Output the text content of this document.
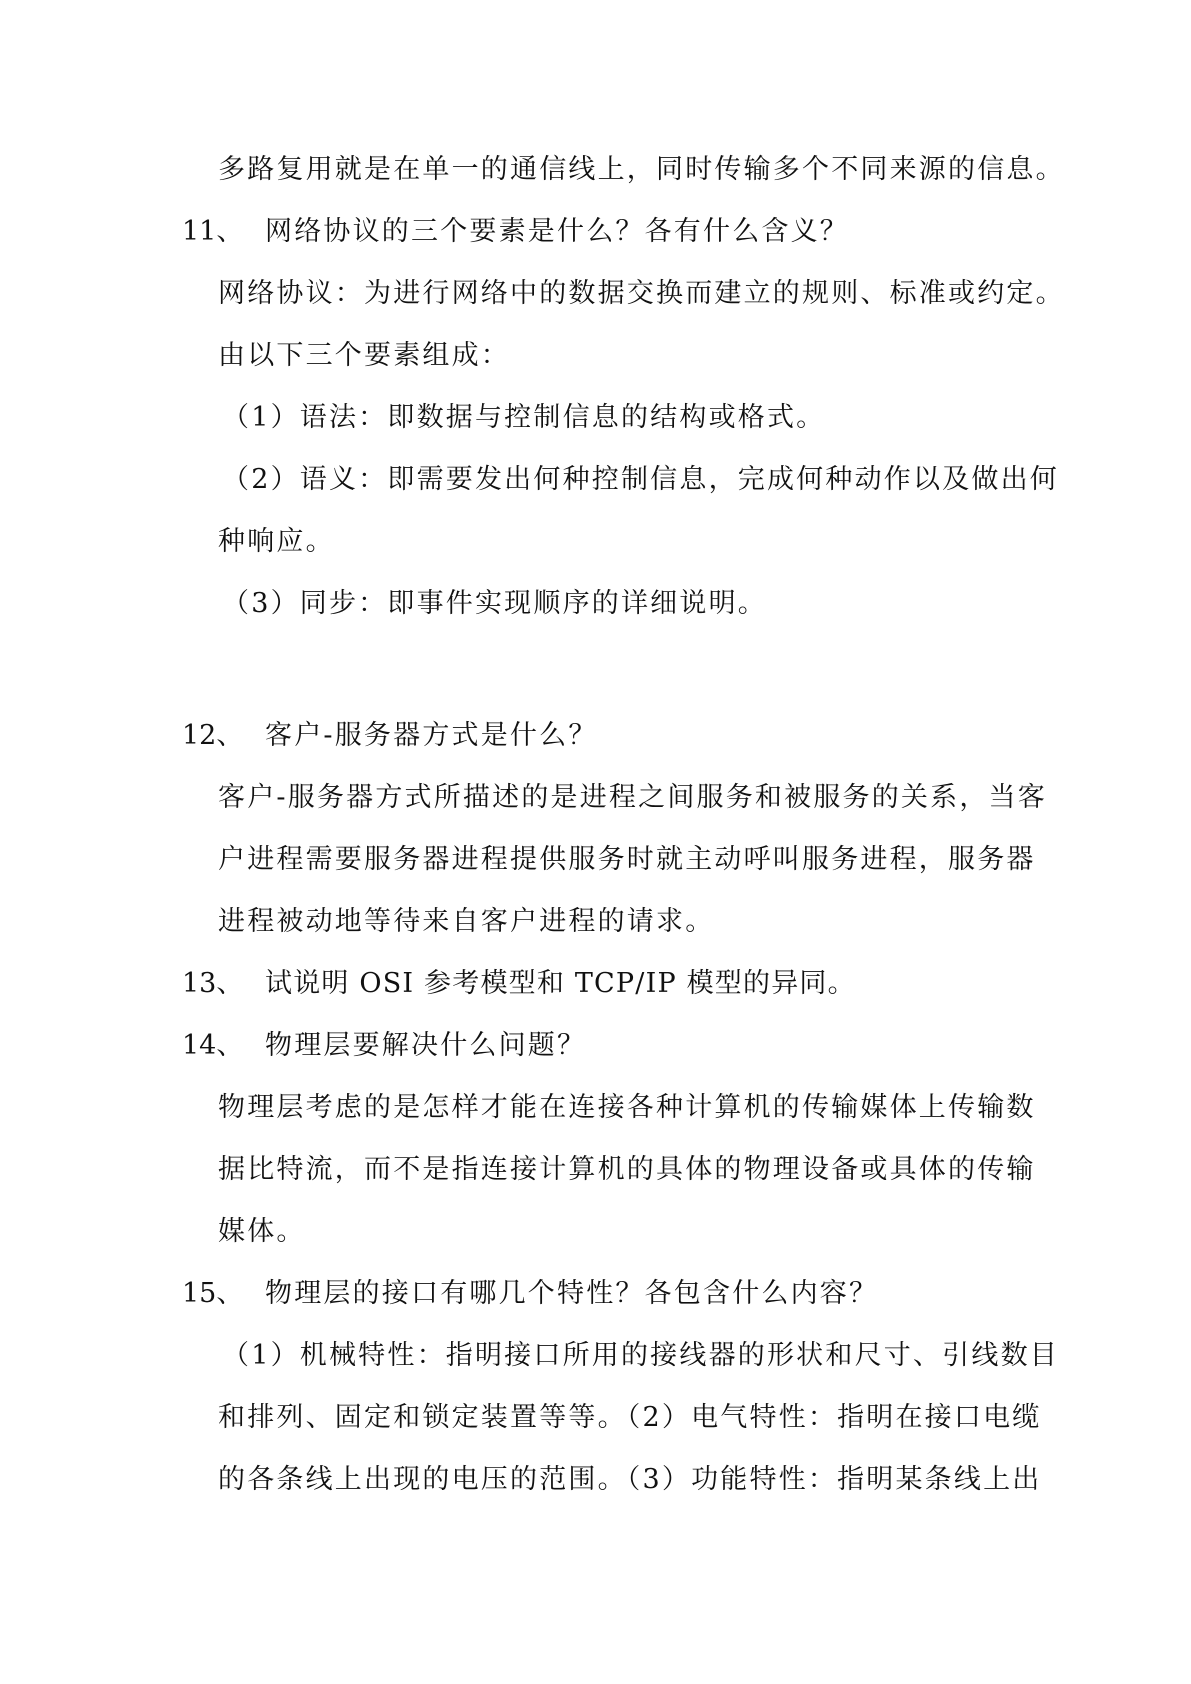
多路复用就是在单一的通信线上，同时传输多个不同来源的信息。
11、 网络协议的三个要素是什么？各有什么含义？
网络协议：为进行网络中的数据交换而建立的规则、标准或约定。
由以下三个要素组成：
（1）语法：即数据与控制信息的结构或格式。
（2）语义：即需要发出何种控制信息，完成何种动作以及做出何
种响应。
（3）同步：即事件实现顺序的详细说明。
12、 客户-服务器方式是什么？
客户-服务器方式所描述的是进程之间服务和被服务的关系，当客
户进程需要服务器进程提供服务时就主动呼叫服务进程，服务器
进程被动地等待来自客户进程的请求。
13、 试说明 OSI 参考模型和 TCP/IP 模型的异同。
14、 物理层要解决什么问题？
物理层考虑的是怎样才能在连接各种计算机的传输媒体上传输数
据比特流，而不是指连接计算机的具体的物理设备或具体的传输
媒体。
15、 物理层的接口有哪几个特性？各包含什么内容？
（1）机械特性：指明接口所用的接线器的形状和尺寸、引线数目
和排列、固定和锁定装置等等。（2）电气特性：指明在接口电缆
的各条线上出现的电压的范围。（3）功能特性：指明某条线上出
